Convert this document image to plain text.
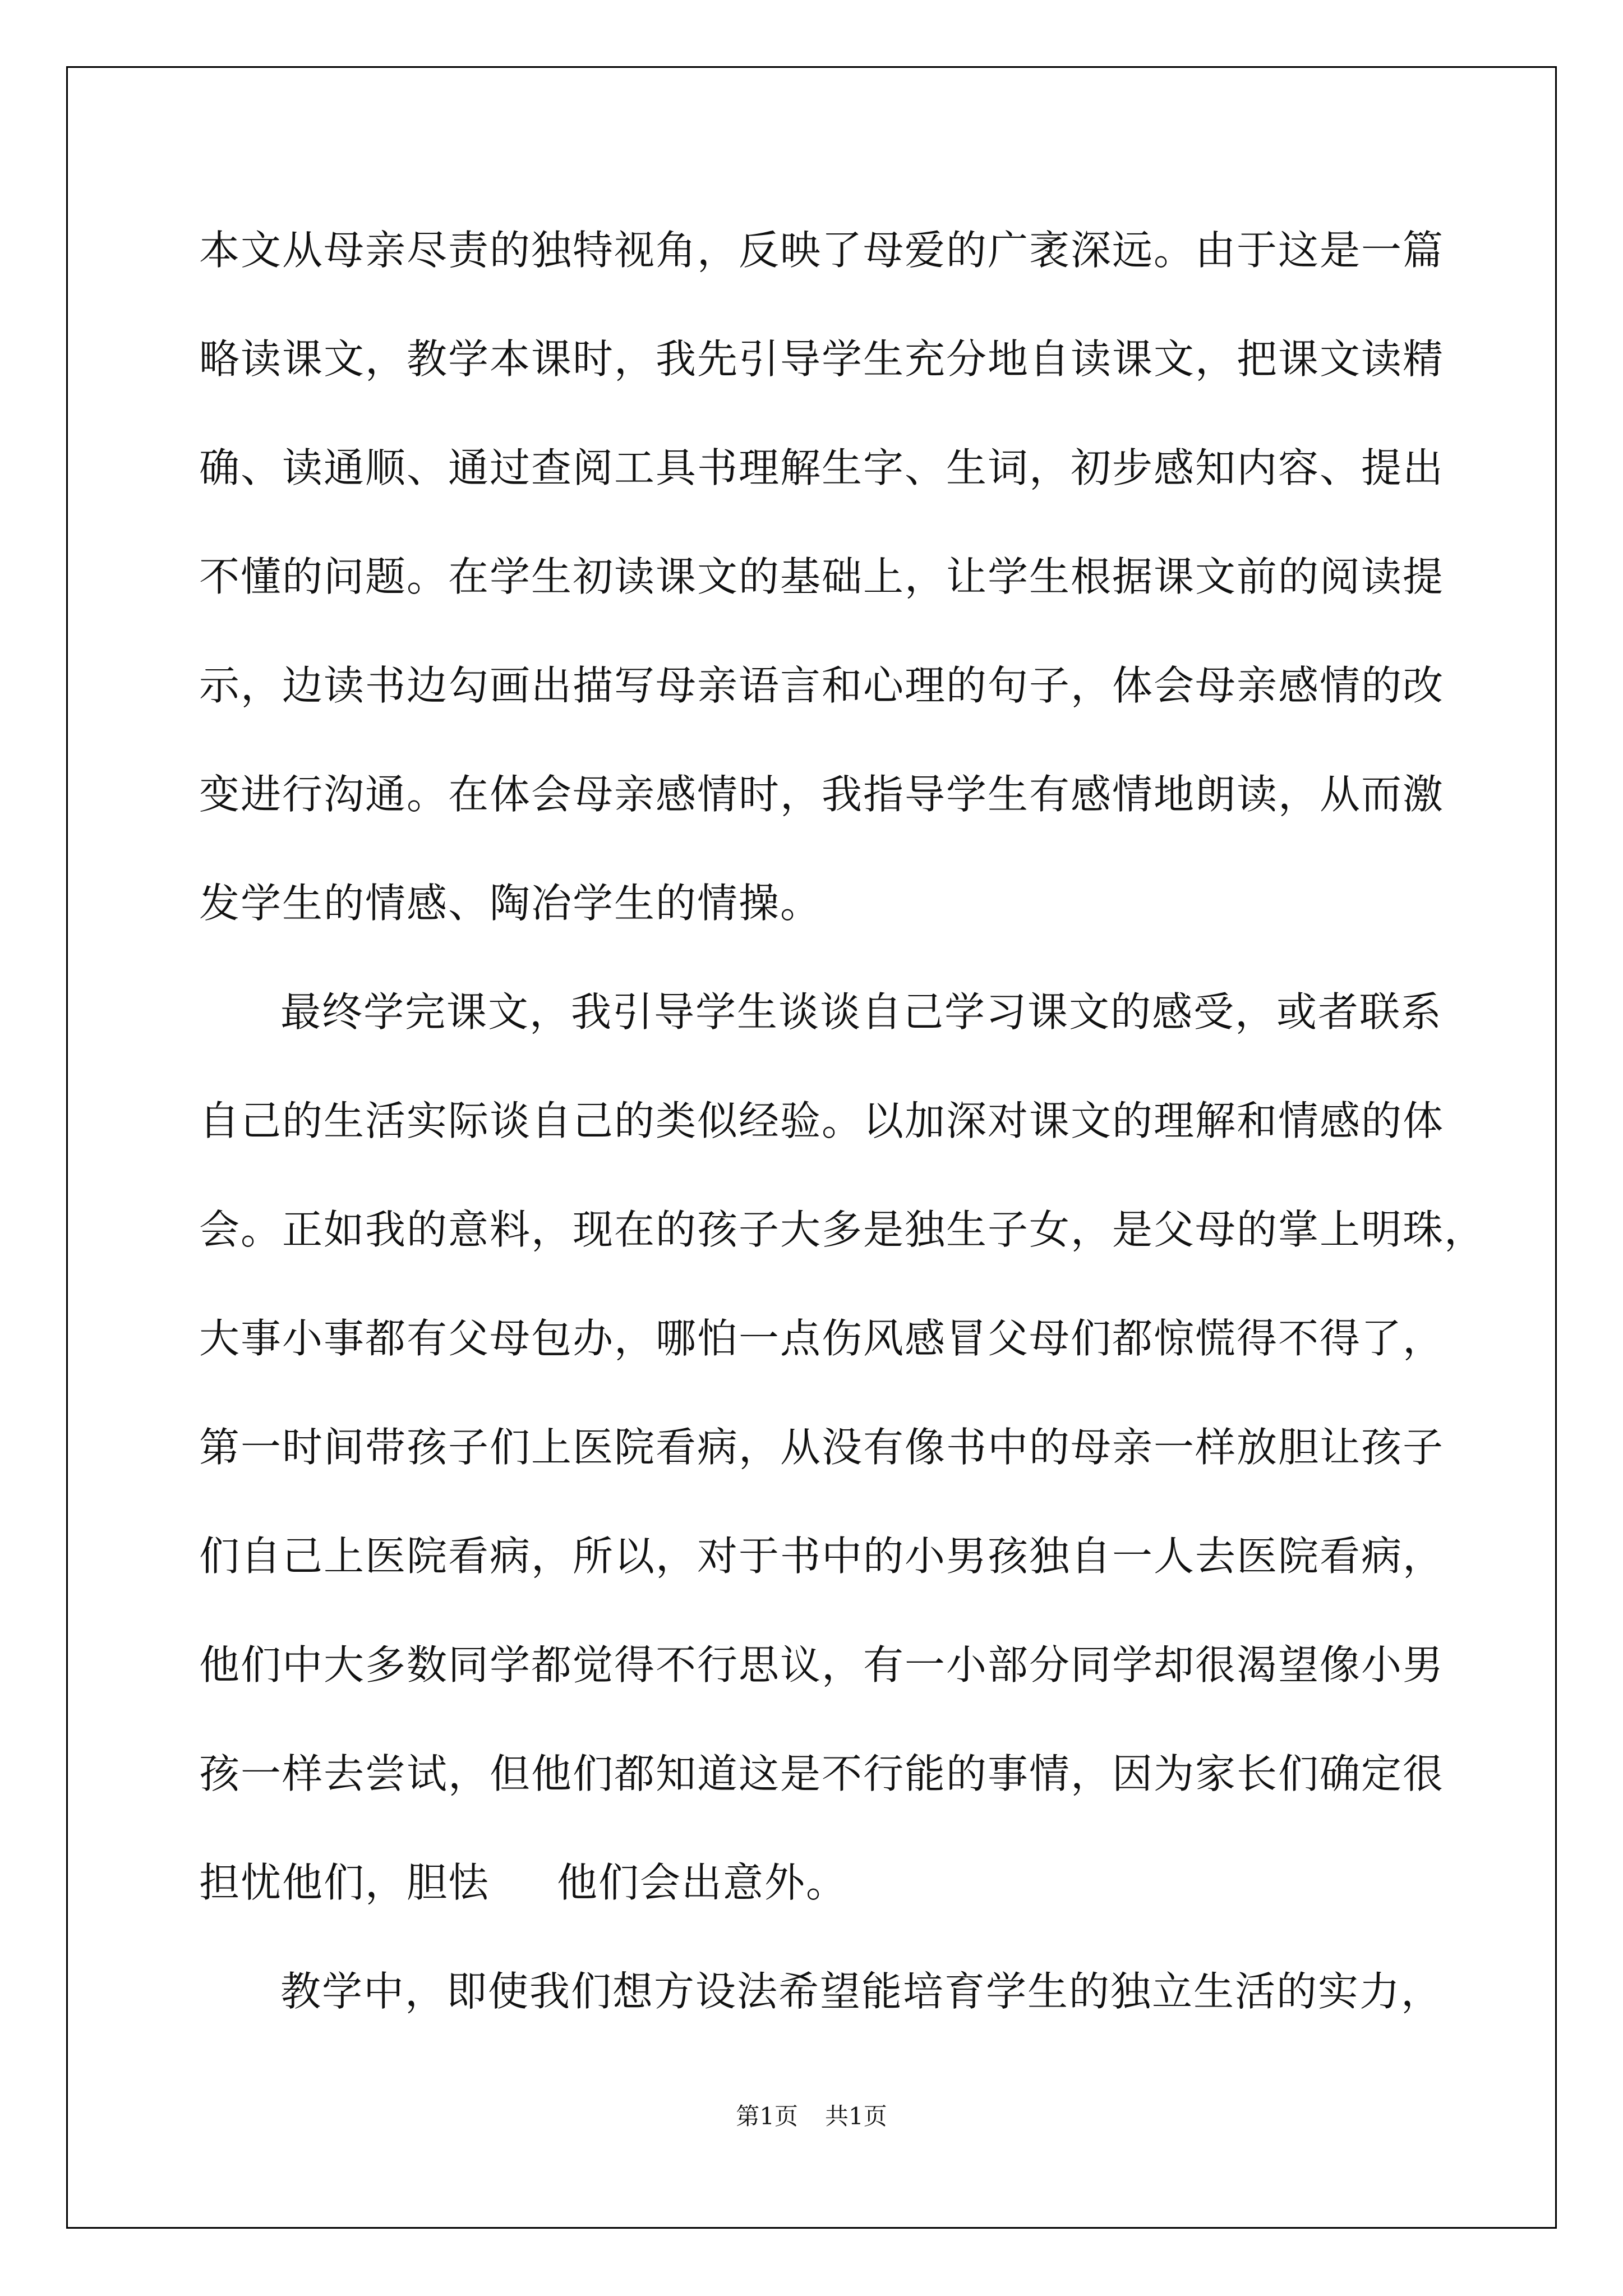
本文从母亲尽责的独特视角，反映了母爱的广袤深远。由于这是一篇
略读课文，教学本课时，我先引导学生充分地自读课文，把课文读精
确、读通顺、通过查阅工具书理解生字、生词，初步感知内容、提出
不懂的问题。在学生初读课文的基础上，让学生根据课文前的阅读提
示，边读书边勾画出描写母亲语言和心理的句子，体会母亲感情的改
变进行沟通。在体会母亲感情时，我指导学生有感情地朗读，从而激
发学生的情感、陶冶学生的情操。
最终学完课文，我引导学生谈谈自己学习课文的感受，或者联系
自己的生活实际谈自己的类似经验。以加深对课文的理解和情感的体
会。正如我的意料，现在的孩子大多是独生子女，是父母的掌上明珠，
大事小事都有父母包办，哪怕一点伤风感冒父母们都惊慌得不得了，
第一时间带孩子们上医院看病，从没有像书中的母亲一样放胆让孩子
们自己上医院看病，所以，对于书中的小男孩独自一人去医院看病，
他们中大多数同学都觉得不行思议，有一小部分同学却很渴望像小男
孩一样去尝试，但他们都知道这是不行能的事情，因为家长们确定很
担忧他们，胆怯 他们会出意外。
教学中，即使我们想方设法希望能培育学生的独立生活的实力，
第1页 共1页
